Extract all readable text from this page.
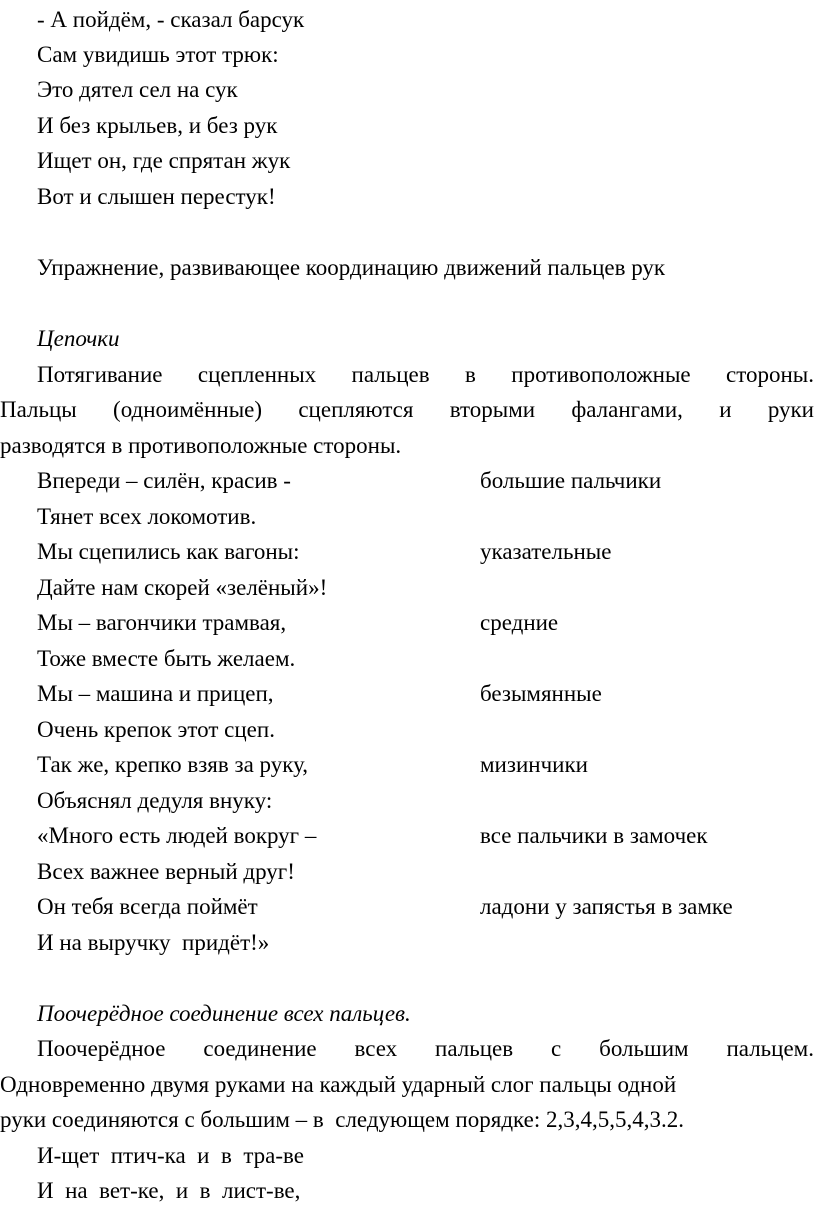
- А пойдём, - сказал барсук
Сам увидишь этот трюк:
Это дятел сел на сук
И без крыльев, и без рук
Ищет он, где спрятан жук
Вот и слышен перестук!
Упражнение, развивающее координацию движений пальцев рук
Цепочки
Потягивание сцепленных пальцев в противоположные стороны.
Пальцы (одноимённые) сцепляются вторыми фалангами, и руки
разводятся в противоположные стороны.
Впереди – силён, красив -	большие пальчики
Тянет всех локомотив.
Мы сцепились как вагоны:	указательные
Дайте нам скорей «зелёный»!
Мы – вагончики трамвая,	средние
Тоже вместе быть желаем.
Мы – машина и прицеп,	безымянные
Очень крепок этот сцеп.
Так же, крепко взяв за руку,	мизинчики
Объяснял дедуля внуку:
«Много есть людей вокруг –	все пальчики в замочек
Всех важнее верный друг!
Он тебя всегда поймёт	ладони у запястья в замке
И на выручку  придёт!»
Поочерёдное соединение всех пальцев.
Поочерёдное соединение всех пальцев с большим пальцем.
Одновременно двумя руками на каждый ударный слог пальцы одной
руки соединяются с большим – в  следующем порядке: 2,3,4,5,5,4,3.2.
И-щет  птич-ка  и  в  тра-ве
И  на  вет-ке,  и  в  лист-ве,
